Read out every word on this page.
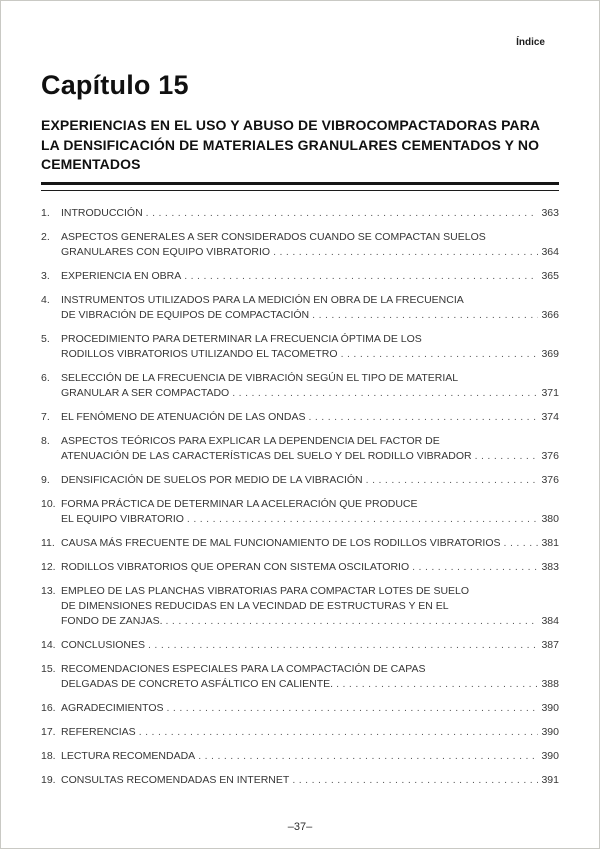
Índice
Capítulo 15
EXPERIENCIAS EN EL USO Y ABUSO DE VIBROCOMPACTADORAS PARA
LA DENSIFICACIÓN DE MATERIALES GRANULARES CEMENTADOS Y NO
CEMENTADOS
1.	INTRODUCCIÓN .....	363
2.	ASPECTOS GENERALES A SER CONSIDERADOS CUANDO SE COMPACTAN SUELOS
GRANULARES CON EQUIPO VIBRATORIO .....	364
3.	EXPERIENCIA EN OBRA .....	365
4.	INSTRUMENTOS UTILIZADOS PARA LA MEDICIÓN EN OBRA DE LA FRECUENCIA
DE VIBRACIÓN DE EQUIPOS DE COMPACTACIÓN .....	366
5.	PROCEDIMIENTO PARA DETERMINAR LA FRECUENCIA ÓPTIMA DE LOS
RODILLOS VIBRATORIOS UTILIZANDO EL TACOMETRO .....	369
6.	SELECCIÓN DE LA FRECUENCIA DE VIBRACIÓN SEGÚN EL TIPO DE MATERIAL
GRANULAR A SER COMPACTADO .....	371
7.	EL FENÓMENO DE ATENUACIÓN DE LAS ONDAS .....	374
8.	ASPECTOS TEÓRICOS PARA EXPLICAR LA DEPENDENCIA DEL FACTOR DE
ATENUACIÓN DE LAS CARACTERÍSTICAS DEL SUELO Y DEL RODILLO VIBRADOR .....	376
9.	DENSIFICACIÓN DE SUELOS POR MEDIO DE LA VIBRACIÓN .....	376
10. FORMA PRÁCTICA DE DETERMINAR LA ACELERACIÓN QUE PRODUCE
EL EQUIPO VIBRATORIO .....	380
11. CAUSA MÁS FRECUENTE DE MAL FUNCIONAMIENTO DE LOS RODILLOS VIBRATORIOS .....	381
12. RODILLOS VIBRATORIOS QUE OPERAN CON SISTEMA OSCILATORIO .....	383
13. EMPLEO DE LAS PLANCHAS VIBRATORIAS PARA COMPACTAR LOTES DE SUELO
DE DIMENSIONES REDUCIDAS EN LA VECINDAD DE ESTRUCTURAS Y EN EL
FONDO DE ZANJAS. .....	384
14. CONCLUSIONES .....	387
15. RECOMENDACIONES ESPECIALES PARA LA COMPACTACIÓN DE CAPAS
DELGADAS DE CONCRETO ASFÁLTICO EN CALIENTE. .....	388
16. AGRADECIMIENTOS .....	390
17. REFERENCIAS .....	390
18. LECTURA RECOMENDADA .....	390
19. CONSULTAS RECOMENDADAS EN INTERNET .....	391
–37–
